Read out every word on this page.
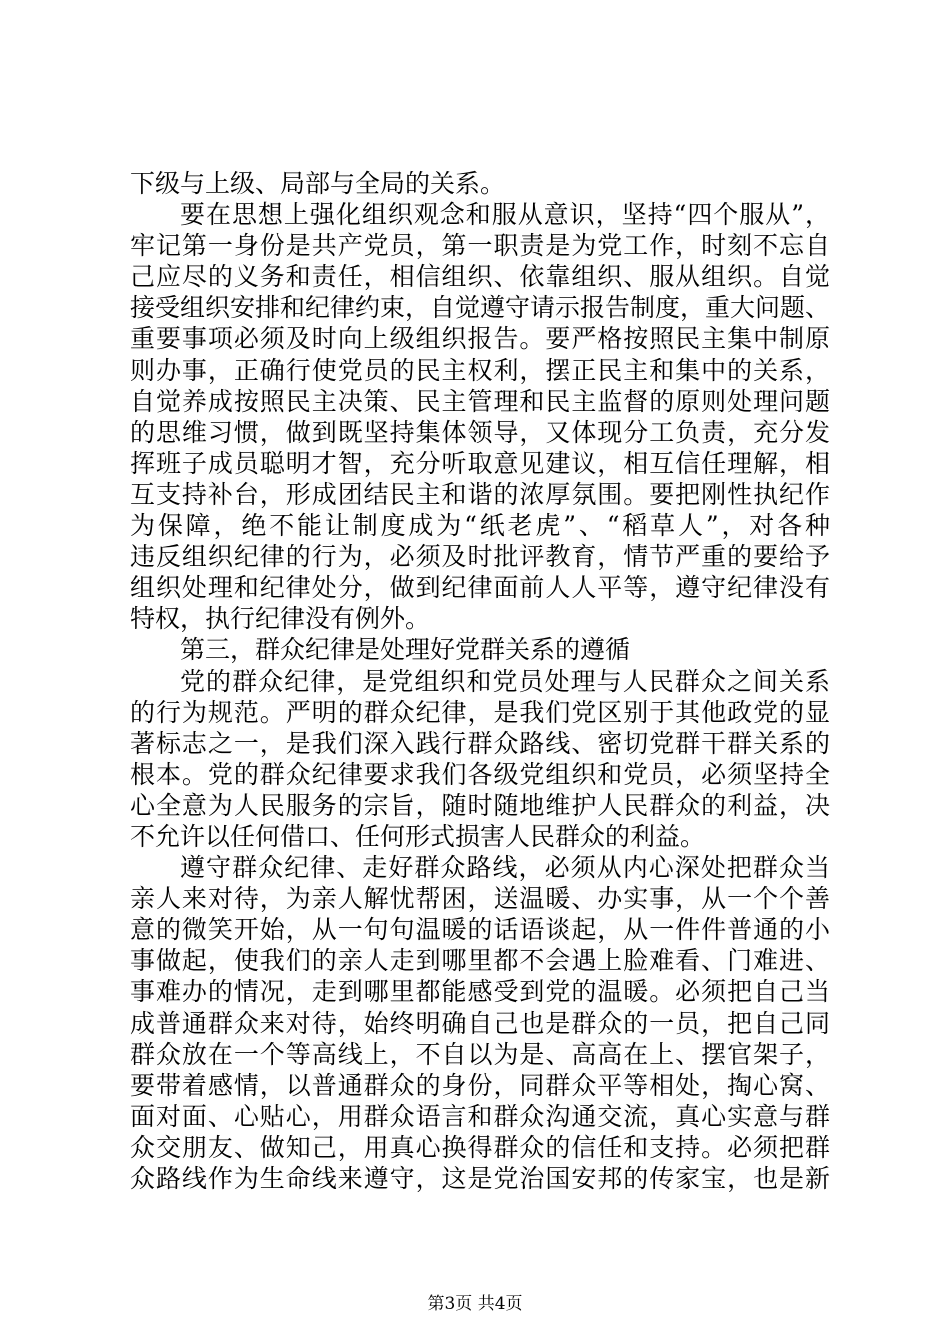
下级与上级、局部与全局的关系。
要在思想上强化组织观念和服从意识，坚持“四个服从”，
牢记第一身份是共产党员，第一职责是为党工作，时刻不忘自
己应尽的义务和责任，相信组织、依靠组织、服从组织。自觉
接受组织安排和纪律约束，自觉遵守请示报告制度，重大问题、
重要事项必须及时向上级组织报告。要严格按照民主集中制原
则办事，正确行使党员的民主权利，摆正民主和集中的关系，
自觉养成按照民主决策、民主管理和民主监督的原则处理问题
的思维习惯，做到既坚持集体领导，又体现分工负责，充分发
挥班子成员聪明才智，充分听取意见建议，相互信任理解，相
互支持补台，形成团结民主和谐的浓厚氛围。要把刚性执纪作
为保障，绝不能让制度成为“纸老虎”、“稻草人”，对各种
违反组织纪律的行为，必须及时批评教育，情节严重的要给予
组织处理和纪律处分，做到纪律面前人人平等，遵守纪律没有
特权，执行纪律没有例外。
第三，群众纪律是处理好党群关系的遵循
党的群众纪律，是党组织和党员处理与人民群众之间关系
的行为规范。严明的群众纪律，是我们党区别于其他政党的显
著标志之一，是我们深入践行群众路线、密切党群干群关系的
根本。党的群众纪律要求我们各级党组织和党员，必须坚持全
心全意为人民服务的宗旨，随时随地维护人民群众的利益，决
不允许以任何借口、任何形式损害人民群众的利益。
遵守群众纪律、走好群众路线，必须从内心深处把群众当
亲人来对待，为亲人解忧帮困，送温暖、办实事，从一个个善
意的微笑开始，从一句句温暖的话语谈起，从一件件普通的小
事做起，使我们的亲人走到哪里都不会遇上脸难看、门难进、
事难办的情况，走到哪里都能感受到党的温暖。必须把自己当
成普通群众来对待，始终明确自己也是群众的一员，把自己同
群众放在一个等高线上，不自以为是、高高在上、摆官架子，
要带着感情，以普通群众的身份，同群众平等相处，掏心窝、
面对面、心贴心，用群众语言和群众沟通交流，真心实意与群
众交朋友、做知己，用真心换得群众的信任和支持。必须把群
众路线作为生命线来遵守，这是党治国安邦的传家宝，也是新
第3页 共4页
